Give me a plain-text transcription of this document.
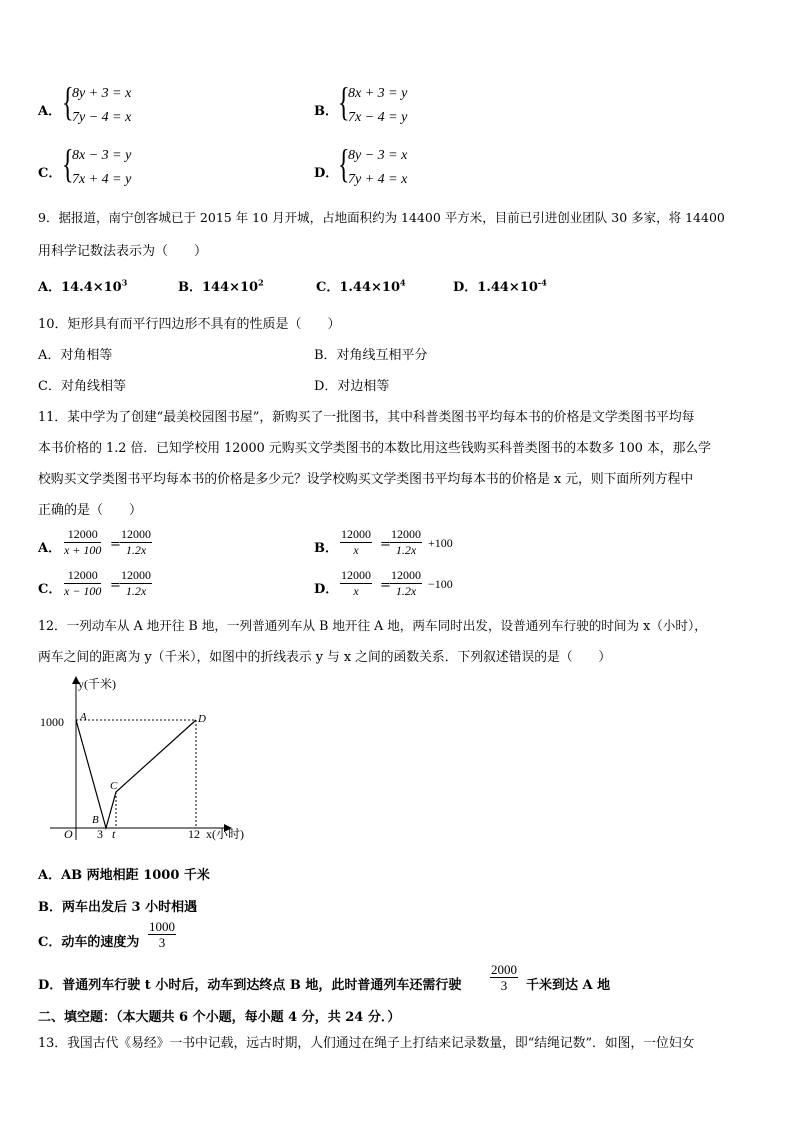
A． {
8y + 3 = x
7y − 4 = x	B． {
8x + 3 = y
7x − 4 = y
C． {
8x − 3 = y
7x + 4 = y	D． {
8y − 3 = x
7y + 4 = x
9．据报道，南宁创客城已于 2015 年 10 月开城，占地面积约为 14400 平方米，目前已引进创业团队 30 多家，将 14400
用科学记数法表示为（　　）
A．$14.4\times 10^3$	B．$144\times 10^2$	C．$1.44\times 10^4$	D．$1.44\times 10^{-4}$
10．矩形具有而平行四边形不具有的性质是（　　）
A．对角相等	B．对角线互相平分
C．对角线相等	D．对边相等
11．某中学为了创建“最美校园图书屋”，新购买了一批图书，其中科普类图书平均每本书的价格是文学类图书平均每
本书价格的 1.2 倍．已知学校用 12000 元购买文学类图书的本数比用这些钱购买科普类图书的本数多 100 本，那么学
校购买文学类图书平均每本书的价格是多少元？设学校购买文学类图书平均每本书的价格是 x 元，则下面所列方程中
正确的是（　　）
A． $\frac{12000}{x + 100} = \frac{12000}{1.2x}$	B． $\frac{12000}{x} = \frac{12000}{1.2x} +100$
C． $\frac{12000}{x - 100} = \frac{12000}{1.2x}$	D． $\frac{12000}{x} = \frac{12000}{1.2x} -100$
12．一列动车从 A 地开往 B 地，一列普通列车从 B 地开往 A 地，两车同时出发，设普通列车行驶的时间为 x（小时），
两车之间的距离为 y（千米），如图中的折线表示 y 与 x 之间的函数关系．下列叙述错误的是（　　）
y(千米)
x(小时)
1000
O 3 t	12
A
B
C
D
A．AB 两地相距 1000 千米
B．两车出发后 3 小时相遇
C．动车的速度为 $\frac{1000}{3}$
D．普通列车行驶 t 小时后，动车到达终点 B 地，此时普通列车还需行驶 $\frac{2000}{3}$ 千米到达 A 地
二、填空题：（本大题共 6 个小题，每小题 4 分，共 24 分．）
13．我国古代《易经》一书中记载，远古时期，人们通过在绳子上打结来记录数量，即“结绳记数”．如图，一位妇女
